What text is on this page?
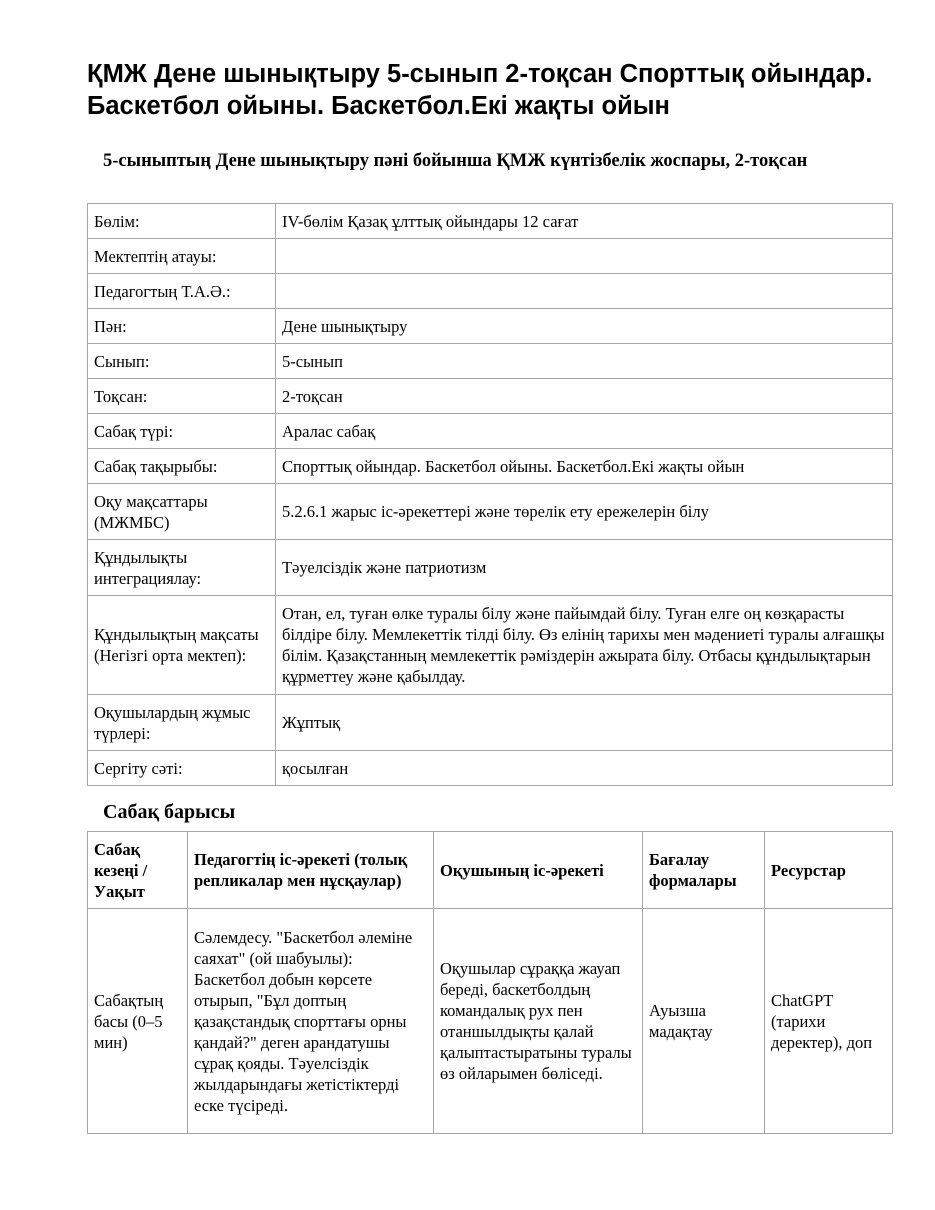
ҚМЖ Дене шынықтыру 5-сынып 2-тоқсан Спорттық ойындар. Баскетбол ойыны. Баскетбол.Екі жақты ойын
5-сыныптың Дене шынықтыру пәні бойынша ҚМЖ күнтізбелік жоспары, 2-тоқсан
Бөлім:	IV-бөлім Қазақ ұлттық ойындары 12 сағат
Мектептің атауы:	
Педагогтың Т.А.Ә.:	
Пән:	Дене шынықтыру
Сынып:	5-сынып
Тоқсан:	2-тоқсан
Сабақ түрі:	Аралас сабақ
Сабақ тақырыбы:	Спорттық ойындар. Баскетбол ойыны. Баскетбол.Екі жақты ойын
Оқу мақсаттары (МЖМБС)	5.2.6.1 жарыс іс-әрекеттері және төрелік ету ережелерін білу
Құндылықты интеграциялау:	Тәуелсіздік және патриотизм
Құндылықтың мақсаты (Негізгі орта мектеп):	Отан, ел, туған өлке туралы білу және пайымдай білу. Туған елге оң көзқарасты білдіре білу. Мемлекеттік тілді білу. Өз елінің тарихы мен мәдениеті туралы алғашқы білім. Қазақстанның мемлекеттік рәміздерін ажырата білу. Отбасы құндылықтарын құрметтеу және қабылдау.
Оқушылардың жұмыс түрлері:	Жұптық
Сергіту сәті:	қосылған
Сабақ барысы
Сабақ кезеңі / Уақыт	Педагогтің іс-әрекеті (толық репликалар мен нұсқаулар)	Оқушының іс-әрекеті	Бағалау формалары	Ресурстар
Сабақтың басы (0–5 мин)	Сәлемдесу. "Баскетбол әлеміне саяхат" (ой шабуылы): Баскетбол добын көрсете отырып, "Бұл доптың қазақстандық спорттағы орны қандай?" деген арандатушы сұрақ қояды. Тәуелсіздік жылдарындағы жетістіктерді еске түсіреді.	Оқушылар сұраққа жауап береді, баскетболдың командалық рух пен отаншылдықты қалай қалыптастыратыны туралы өз ойларымен бөліседі.	Ауызша мадақтау	ChatGPT (тарихи деректер), доп
